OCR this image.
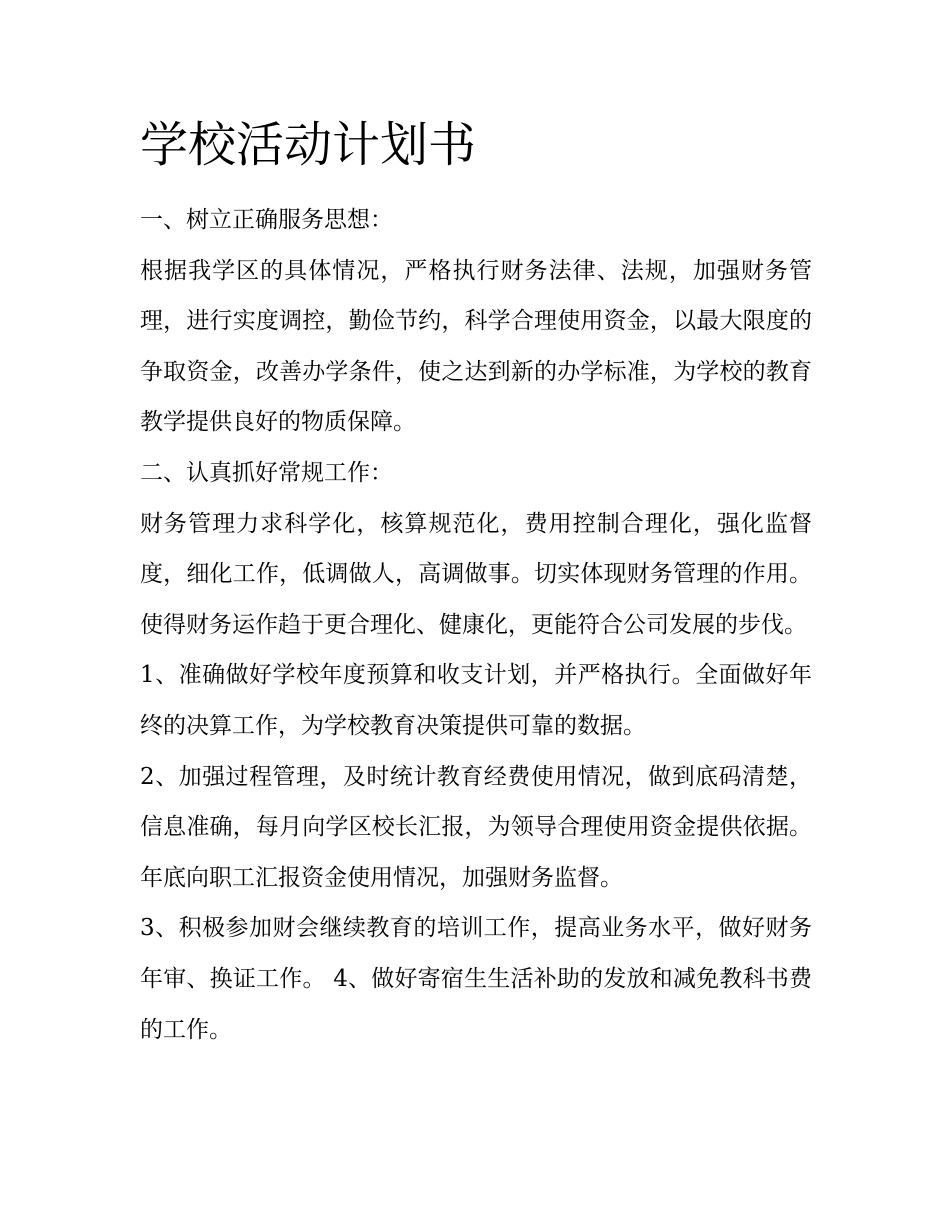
学校活动计划书

一、树立正确服务思想：

根据我学区的具体情况，严格执行财务法律、法规，加强财务管理，进行实度调控，勤俭节约，科学合理使用资金，以最大限度的争取资金，改善办学条件，使之达到新的办学标准，为学校的教育教学提供良好的物质保障。

二、认真抓好常规工作：

财务管理力求科学化，核算规范化，费用控制合理化，强化监督度，细化工作，低调做人，高调做事。切实体现财务管理的作用。使得财务运作趋于更合理化、健康化，更能符合公司发展的步伐。

1、准确做好学校年度预算和收支计划，并严格执行。全面做好年终的决算工作，为学校教育决策提供可靠的数据。

2、加强过程管理，及时统计教育经费使用情况，做到底码清楚，信息准确，每月向学区校长汇报，为领导合理使用资金提供依据。年底向职工汇报资金使用情况，加强财务监督。

3、积极参加财会继续教育的培训工作，提高业务水平，做好财务年审、换证工作。 4、做好寄宿生生活补助的发放和减免教科书费的工作。
